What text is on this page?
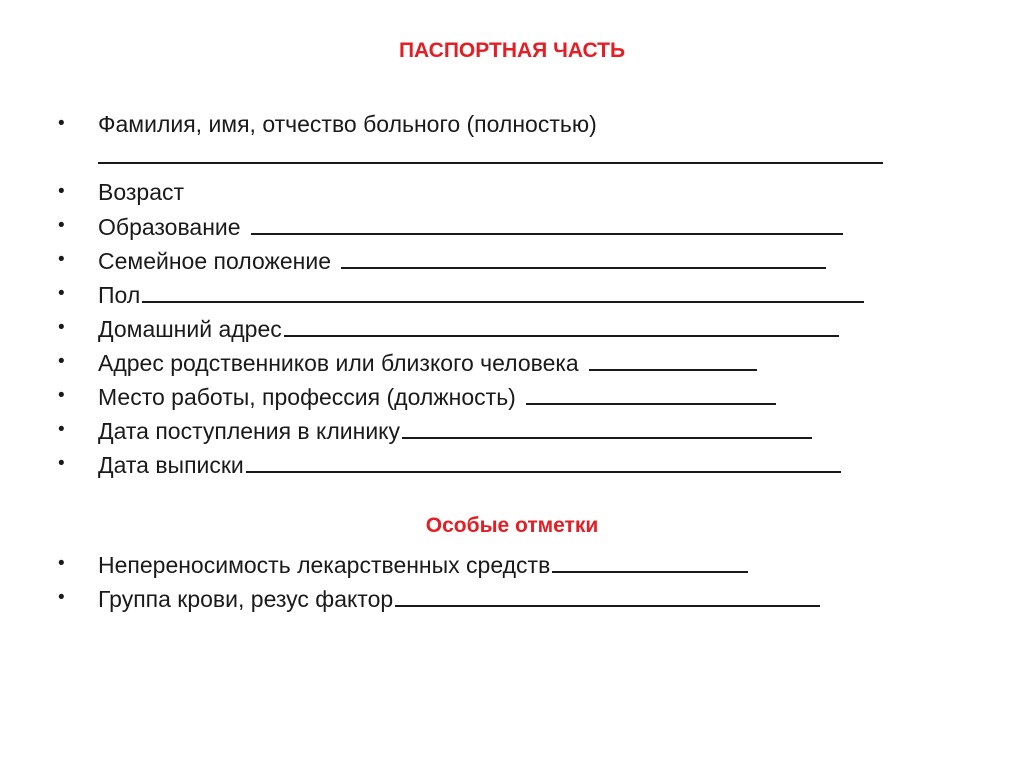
ПАСПОРТНАЯ ЧАСТЬ
•	Фамилия, имя, отчество больного (полностью)
•	Возраст
•	Образование
•	Семейное положение
•	Пол
•	Домашний адрес
•	Адрес родственников или близкого человека
•	Место работы, профессия (должность)
•	Дата поступления в клинику
•	Дата выписки
Особые отметки
•	Непереносимость лекарственных средств
•	Группа крови, резус фактор
